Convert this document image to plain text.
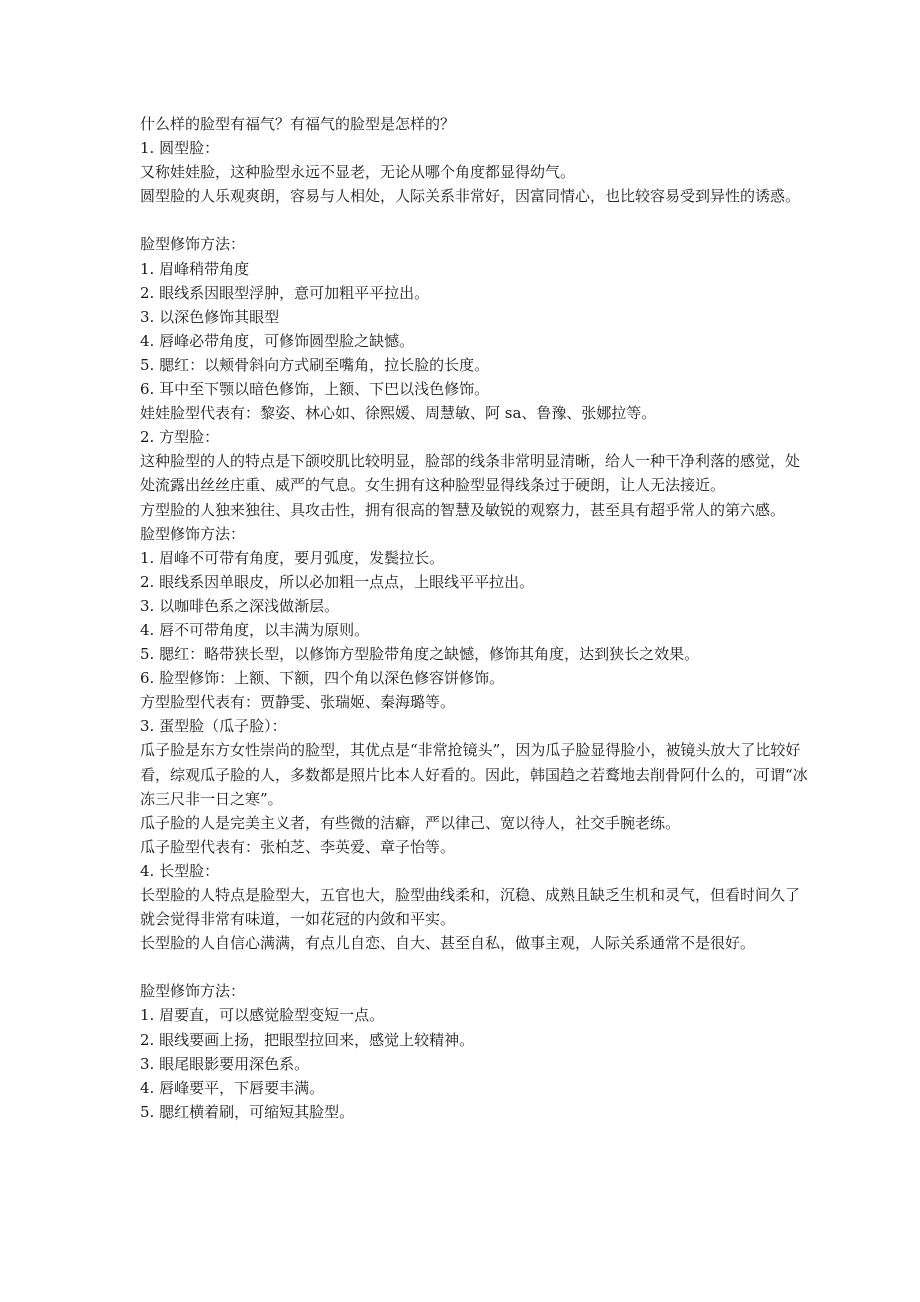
什么样的脸型有福气？有福气的脸型是怎样的？
1. 圆型脸：
又称娃娃脸，这种脸型永远不显老，无论从哪个角度都显得幼气。
圆型脸的人乐观爽朗，容易与人相处，人际关系非常好，因富同情心，也比较容易受到异性的诱惑。
脸型修饰方法：
1. 眉峰稍带角度
2. 眼线系因眼型浮肿，意可加粗平平拉出。
3. 以深色修饰其眼型
4. 唇峰必带角度，可修饰圆型脸之缺憾。
5. 腮红：以颊骨斜向方式刷至嘴角，拉长脸的长度。
6. 耳中至下颚以暗色修饰，上额、下巴以浅色修饰。
娃娃脸型代表有：黎姿、林心如、徐熙媛、周慧敏、阿 sa、鲁豫、张娜拉等。
2. 方型脸：
这种脸型的人的特点是下颌咬肌比较明显，脸部的线条非常明显清晰，给人一种干净利落的感觉，处处流露出丝丝庄重、威严的气息。女生拥有这种脸型显得线条过于硬朗，让人无法接近。
方型脸的人独来独往、具攻击性，拥有很高的智慧及敏锐的观察力，甚至具有超乎常人的第六感。
脸型修饰方法：
1. 眉峰不可带有角度，要月弧度，发鬓拉长。
2. 眼线系因单眼皮，所以必加粗一点点，上眼线平平拉出。
3. 以咖啡色系之深浅做渐层。
4. 唇不可带角度，以丰满为原则。
5. 腮红：略带狭长型，以修饰方型脸带角度之缺憾，修饰其角度，达到狭长之效果。
6. 脸型修饰：上额、下额，四个角以深色修容饼修饰。
方型脸型代表有：贾静雯、张瑞姬、秦海璐等。
3. 蛋型脸（瓜子脸）：
瓜子脸是东方女性崇尚的脸型，其优点是“非常抢镜头”，因为瓜子脸显得脸小，被镜头放大了比较好看，综观瓜子脸的人，多数都是照片比本人好看的。因此，韩国趋之若鹜地去削骨阿什么的，可谓“冰冻三尺非一日之寒”。
瓜子脸的人是完美主义者，有些微的洁癖，严以律己、宽以待人，社交手腕老练。
瓜子脸型代表有：张柏芝、李英爱、章子怡等。
4. 长型脸：
长型脸的人特点是脸型大，五官也大，脸型曲线柔和，沉稳、成熟且缺乏生机和灵气，但看时间久了就会觉得非常有味道，一如花冠的内敛和平实。
长型脸的人自信心满满，有点儿自恋、自大、甚至自私，做事主观，人际关系通常不是很好。
脸型修饰方法：
1. 眉要直，可以感觉脸型变短一点。
2. 眼线要画上扬，把眼型拉回来，感觉上较精神。
3. 眼尾眼影要用深色系。
4. 唇峰要平，下唇要丰满。
5. 腮红横着刷，可缩短其脸型。
